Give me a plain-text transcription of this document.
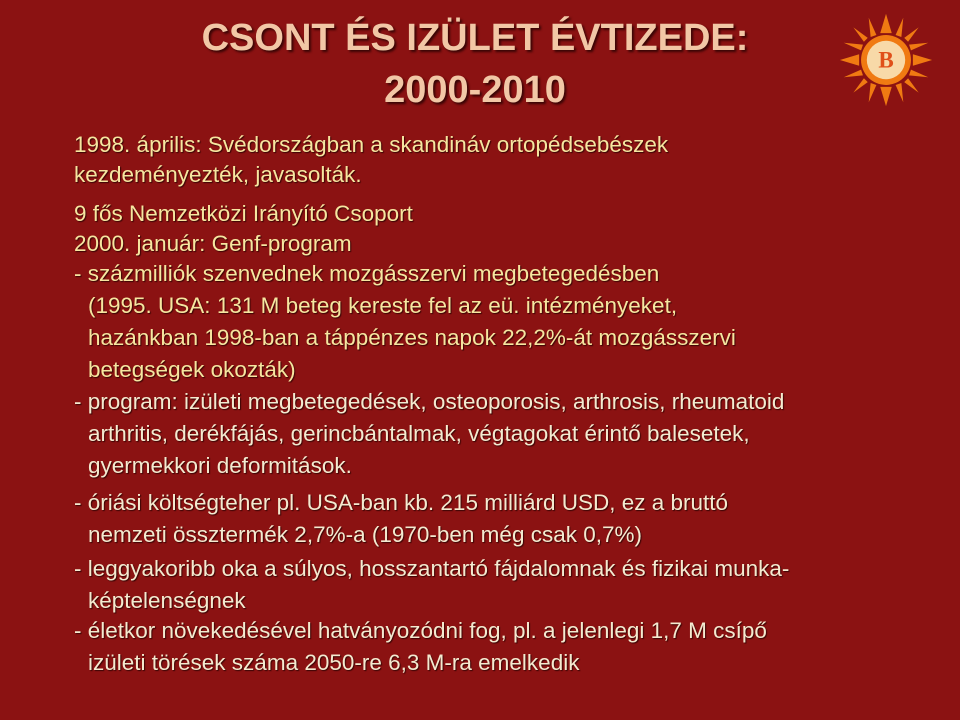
CSONT ÉS IZÜLET ÉVTIZEDE:
2000-2010
B
1998. április: Svédországban a skandináv ortopédsebészek
kezdeményezték, javasolták.
9 fős Nemzetközi Irányító Csoport
2000. január: Genf-program
- százmilliók szenvednek mozgásszervi megbetegedésben
(1995. USA: 131 M beteg kereste fel az eü. intézményeket,
hazánkban 1998-ban a táppénzes napok 22,2%-át mozgásszervi
betegségek okozták)
- program: izületi megbetegedések, osteoporosis, arthrosis, rheumatoid
arthritis, derékfájás, gerincbántalmak, végtagokat érintő balesetek,
gyermekkori deformitások.
- óriási költségteher pl. USA-ban kb. 215 milliárd USD, ez a bruttó
nemzeti össztermék 2,7%-a (1970-ben még csak 0,7%)
- leggyakoribb oka a súlyos, hosszantartó fájdalomnak és fizikai munka-
képtelenségnek
- életkor növekedésével hatványozódni fog, pl. a jelenlegi 1,7 M csípő
izületi törések száma 2050-re 6,3 M-ra emelkedik
